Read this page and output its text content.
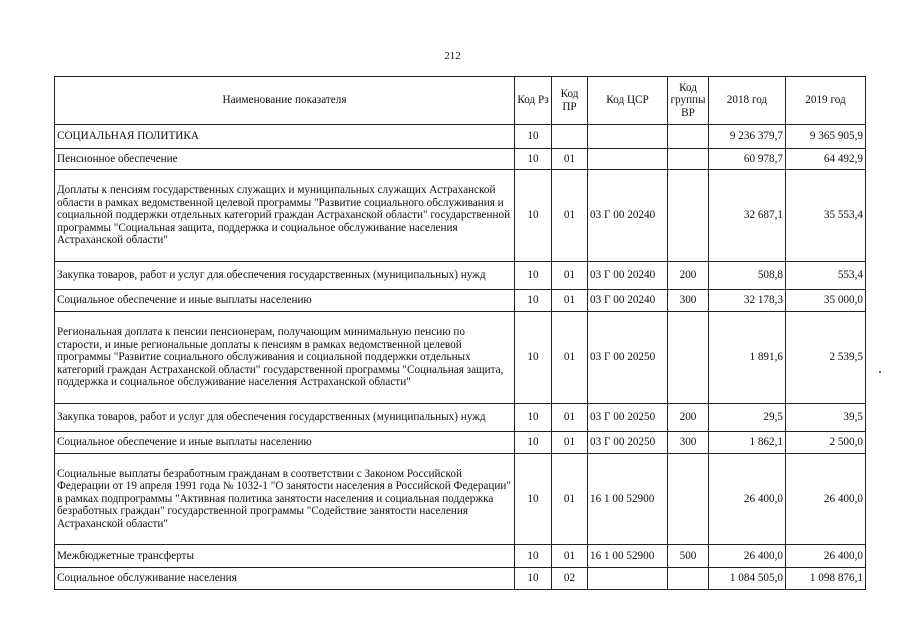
212
Наименование показателя	Код Рз	Код ПР	Код ЦСР	Код группы ВР	2018 год	2019 год
СОЦИАЛЬНАЯ ПОЛИТИКА	10				9 236 379,7	9 365 905,9
Пенсионное обеспечение	10	01			60 978,7	64 492,9
Доплаты к пенсиям государственных служащих и муниципальных служащих Астраханской области в рамках ведомственной целевой программы "Развитие социального обслуживания и социальной поддержки отдельных категорий граждан Астраханской области" государственной программы "Социальная защита, поддержка и социальное обслуживание населения Астраханской области"	10	01	03 Г 00 20240		32 687,1	35 553,4
Закупка товаров, работ и услуг для обеспечения государственных (муниципальных) нужд	10	01	03 Г 00 20240	200	508,8	553,4
Социальное обеспечение и иные выплаты населению	10	01	03 Г 00 20240	300	32 178,3	35 000,0
Региональная доплата к пенсии пенсионерам, получающим минимальную пенсию по старости, и иные региональные доплаты к пенсиям в рамках ведомственной целевой программы "Развитие социального обслуживания и социальной поддержки отдельных категорий граждан Астраханской области" государственной программы "Социальная защита, поддержка и социальное обслуживание населения Астраханской области"	10	01	03 Г 00 20250		1 891,6	2 539,5
Закупка товаров, работ и услуг для обеспечения государственных (муниципальных) нужд	10	01	03 Г 00 20250	200	29,5	39,5
Социальное обеспечение и иные выплаты населению	10	01	03 Г 00 20250	300	1 862,1	2 500,0
Социальные выплаты безработным гражданам в соответствии с Законом Российской Федерации от 19 апреля 1991 года № 1032-1 "О занятости населения в Российской Федерации" в рамках подпрограммы "Активная политика занятости населения и социальная поддержка безработных граждан" государственной программы "Содействие занятости населения Астраханской области"	10	01	16 1 00 52900		26 400,0	26 400,0
Межбюджетные трансферты	10	01	16 1 00 52900	500	26 400,0	26 400,0
Социальное обслуживание населения	10	02			1 084 505,0	1 098 876,1
